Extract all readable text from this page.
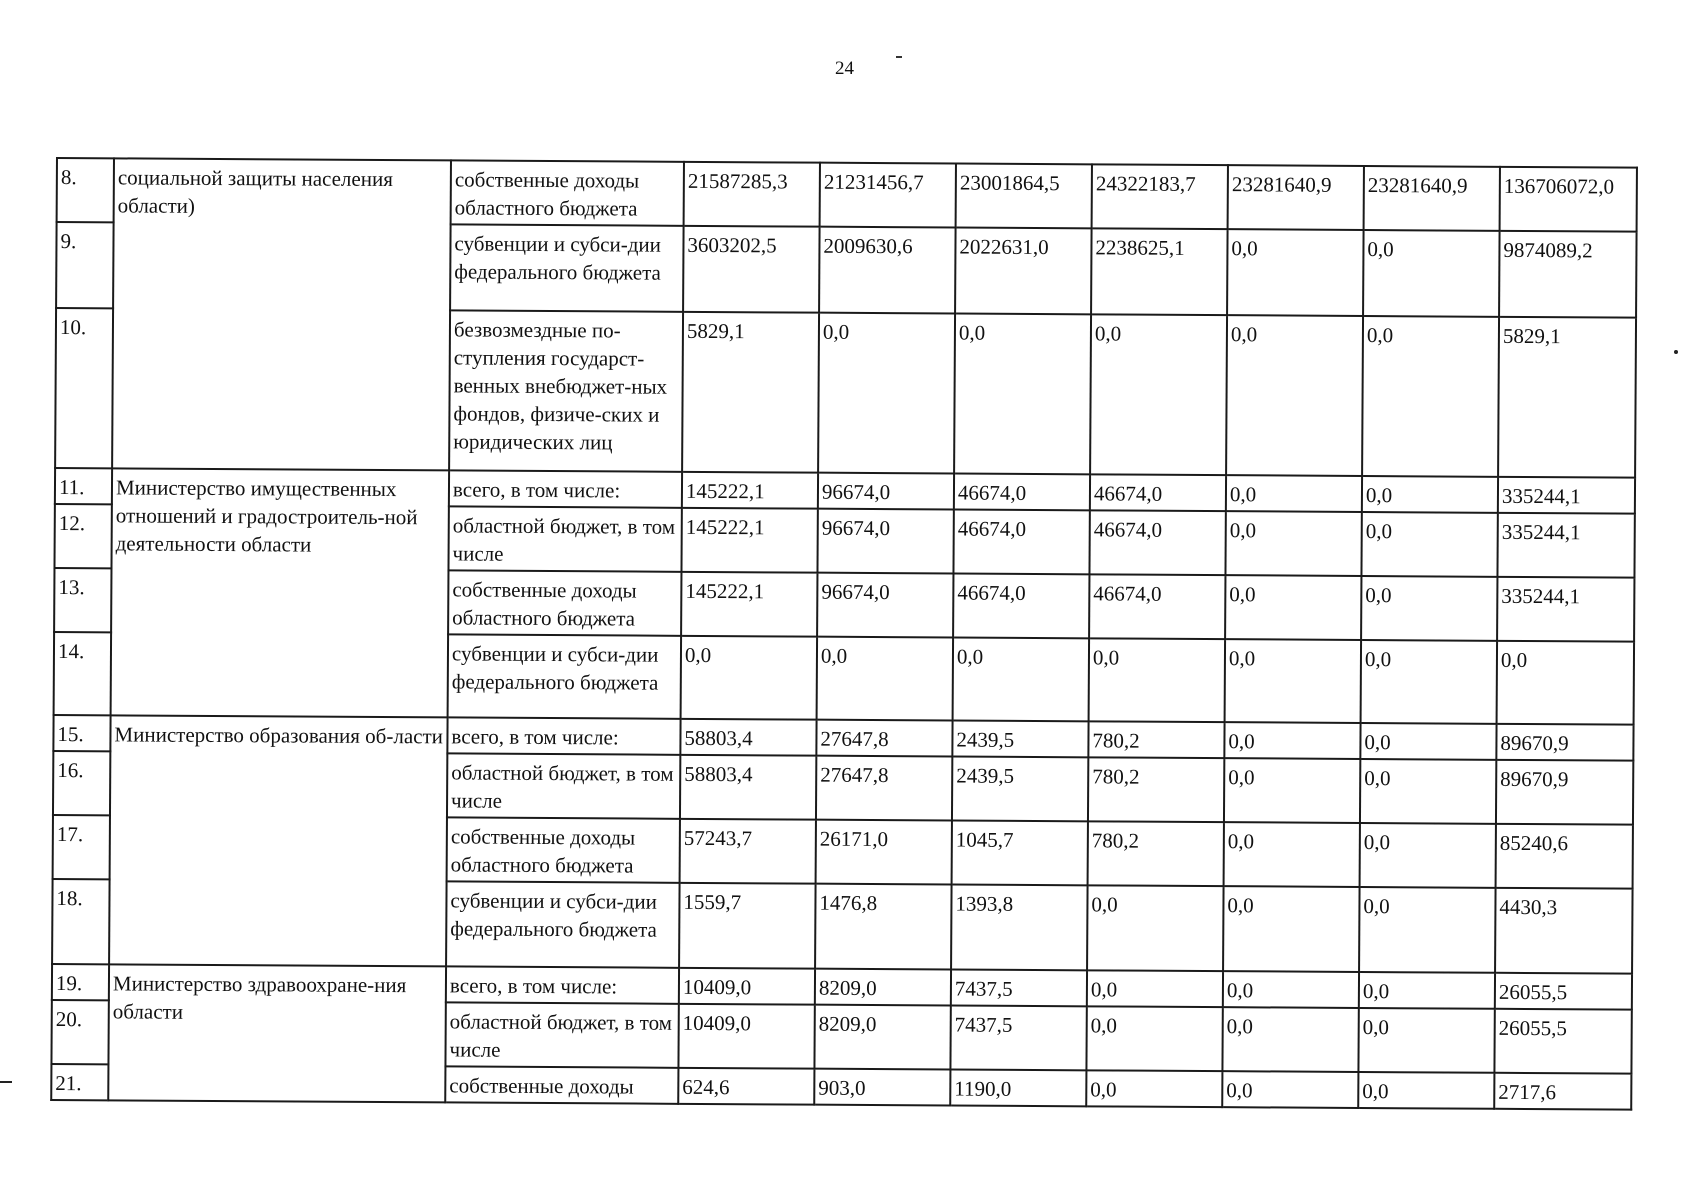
24
8.	социальной защиты населения области)	собственные доходы областного бюджета	21587285,3	21231456,7	23001864,5	24322183,7	23281640,9	23281640,9	136706072,0
9.		субвенции и субси-дии федерального бюджета	3603202,5	2009630,6	2022631,0	2238625,1	0,0	0,0	9874089,2
10.		безвозмездные по-ступления государст-венных внебюджет-ных фондов, физиче-ских и юридических лиц	5829,1	0,0	0,0	0,0	0,0	0,0	5829,1
11.	Министерство имущественных отношений и градостроитель-ной деятельности области	всего, в том числе:	145222,1	96674,0	46674,0	46674,0	0,0	0,0	335244,1
12.		областной бюджет, в том числе	145222,1	96674,0	46674,0	46674,0	0,0	0,0	335244,1
13.		собственные доходы областного бюджета	145222,1	96674,0	46674,0	46674,0	0,0	0,0	335244,1
14.		субвенции и субси-дии федерального бюджета	0,0	0,0	0,0	0,0	0,0	0,0	0,0
15.	Министерство образования об-ласти	всего, в том числе:	58803,4	27647,8	2439,5	780,2	0,0	0,0	89670,9
16.		областной бюджет, в том числе	58803,4	27647,8	2439,5	780,2	0,0	0,0	89670,9
17.		собственные доходы областного бюджета	57243,7	26171,0	1045,7	780,2	0,0	0,0	85240,6
18.		субвенции и субси-дии федерального бюджета	1559,7	1476,8	1393,8	0,0	0,0	0,0	4430,3
19.	Министерство здравоохране-ния области	всего, в том числе:	10409,0	8209,0	7437,5	0,0	0,0	0,0	26055,5
20.		областной бюджет, в том числе	10409,0	8209,0	7437,5	0,0	0,0	0,0	26055,5
21.		собственные доходы	624,6	903,0	1190,0	0,0	0,0	0,0	2717,6
